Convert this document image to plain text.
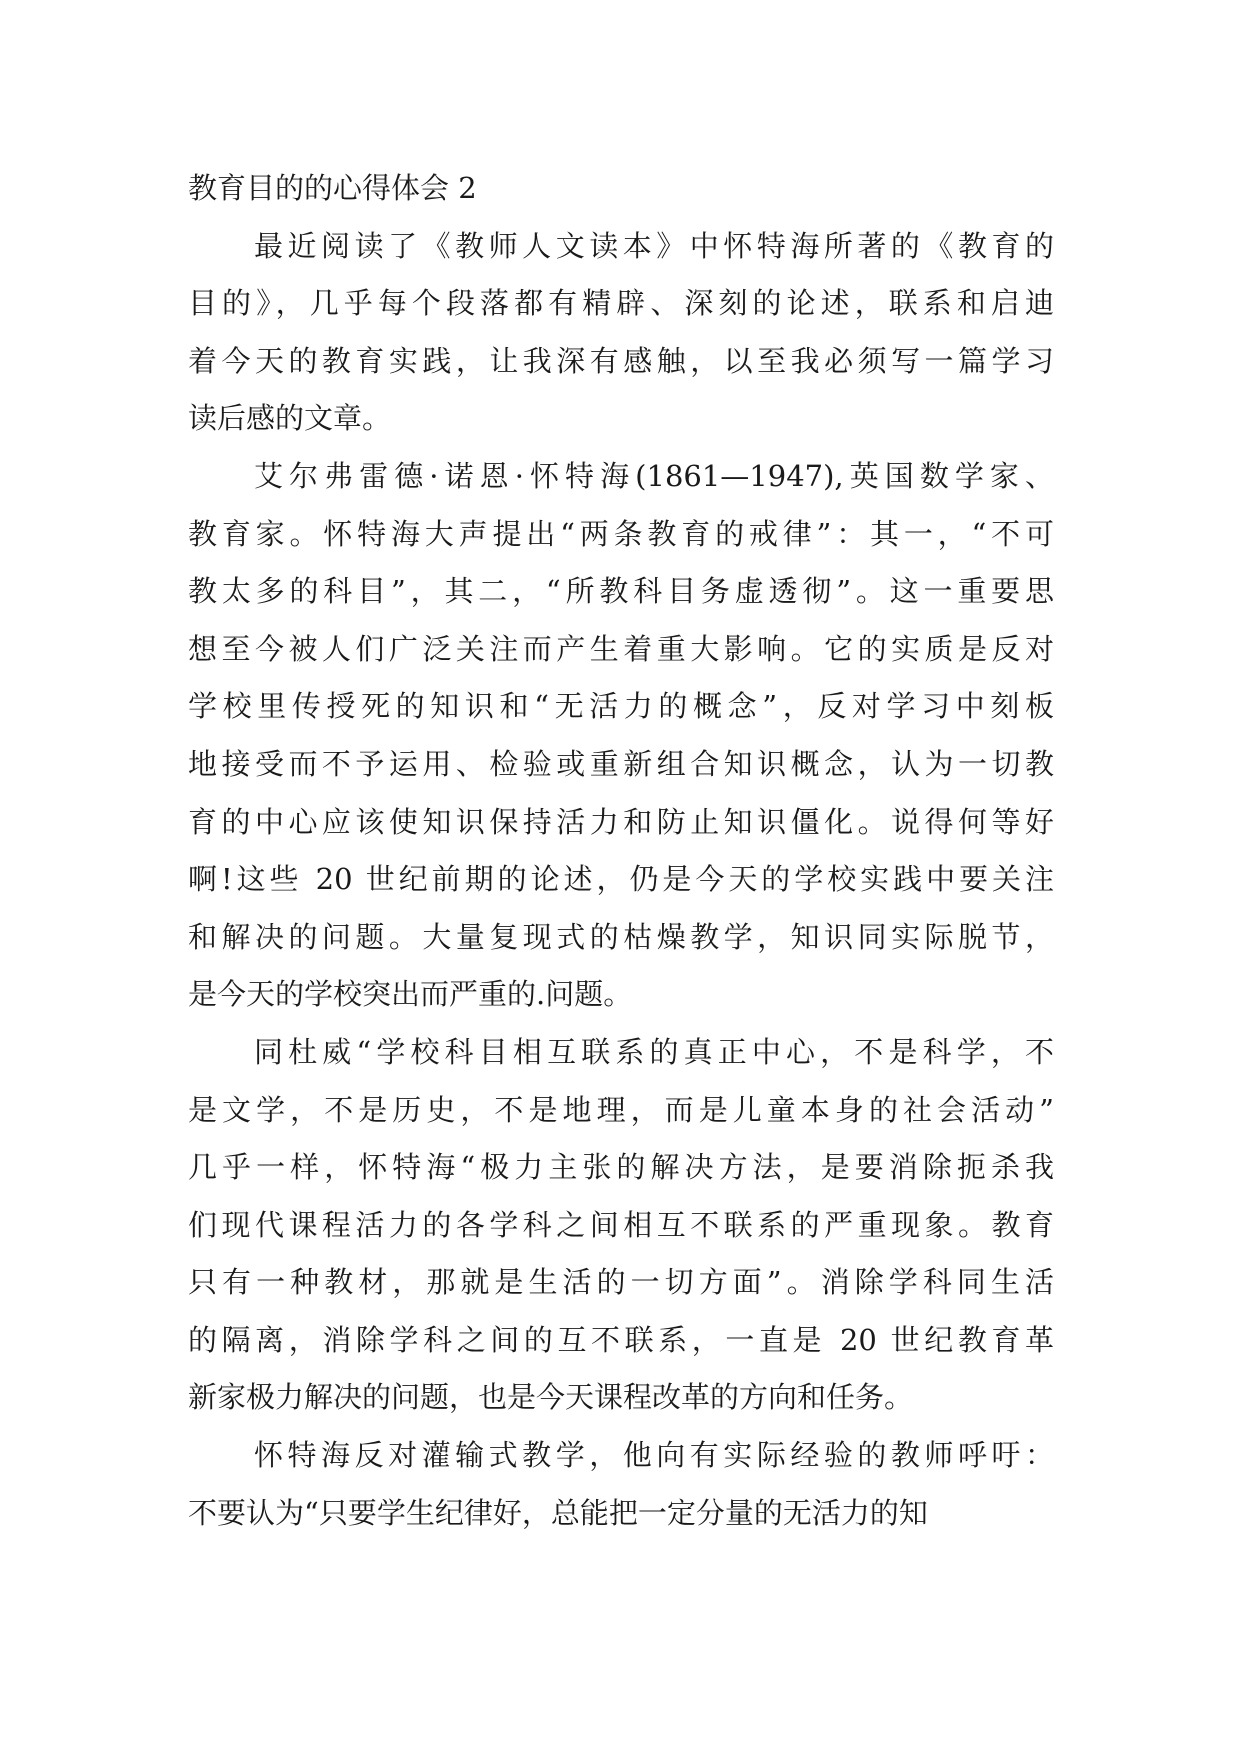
教育目的的心得体会 2
最近阅读了《教师人文读本》中怀特海所著的《教育的
目的》，几乎每个段落都有精辟、深刻的论述，联系和启迪
着今天的教育实践，让我深有感触，以至我必须写一篇学习
读后感的文章。
艾尔弗雷德·诺恩·怀特海(1861—1947),英国数学家、
教育家。怀特海大声提出“两条教育的戒律”：其一，“不可
教太多的科目”，其二，“所教科目务虚透彻”。这一重要思
想至今被人们广泛关注而产生着重大影响。它的实质是反对
学校里传授死的知识和“无活力的概念”，反对学习中刻板
地接受而不予运用、检验或重新组合知识概念，认为一切教
育的中心应该使知识保持活力和防止知识僵化。说得何等好
啊!这些 20 世纪前期的论述，仍是今天的学校实践中要关注
和解决的问题。大量复现式的枯燥教学，知识同实际脱节，
是今天的学校突出而严重的.问题。
同杜威“学校科目相互联系的真正中心，不是科学，不
是文学，不是历史，不是地理，而是儿童本身的社会活动”
几乎一样，怀特海“极力主张的解决方法，是要消除扼杀我
们现代课程活力的各学科之间相互不联系的严重现象。教育
只有一种教材，那就是生活的一切方面”。消除学科同生活
的隔离，消除学科之间的互不联系，一直是 20 世纪教育革
新家极力解决的问题，也是今天课程改革的方向和任务。
怀特海反对灌输式教学，他向有实际经验的教师呼吁：
不要认为“只要学生纪律好，总能把一定分量的无活力的知
